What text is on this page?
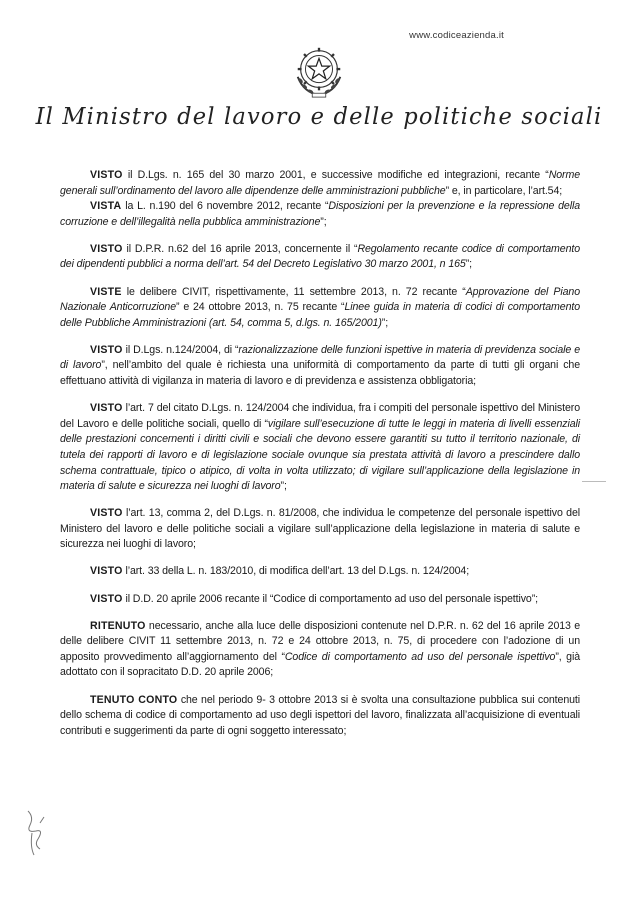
www.codiceazienda.it
Il Ministro del lavoro e delle politiche sociali

VISTO il D.Lgs. n. 165 del 30 marzo 2001, e successive modifiche ed integrazioni, recante “Norme generali sull’ordinamento del lavoro alle dipendenze delle amministrazioni pubbliche” e, in particolare, l’art.54;

VISTA la L. n.190 del 6 novembre 2012, recante “Disposizioni per la prevenzione e la repressione della corruzione e dell’illegalità nella pubblica amministrazione”;

VISTO il D.P.R. n.62 del 16 aprile 2013, concernente il “Regolamento recante codice di comportamento dei dipendenti pubblici a norma dell’art. 54 del Decreto Legislativo 30 marzo 2001, n 165”;

VISTE le delibere CIVIT, rispettivamente, 11 settembre 2013, n. 72 recante “Approvazione del Piano Nazionale Anticorruzione” e 24 ottobre 2013, n. 75 recante “Linee guida in materia di codici di comportamento delle Pubbliche Amministrazioni (art. 54, comma 5, d.lgs. n. 165/2001)”;

VISTO il D.Lgs. n.124/2004, di “razionalizzazione delle funzioni ispettive in materia di previdenza sociale e di lavoro”, nell’ambito del quale è richiesta una uniformità di comportamento da parte di tutti gli organi che effettuano attività di vigilanza in materia di lavoro e di previdenza e assistenza obbligatoria;

VISTO l’art. 7 del citato D.Lgs. n. 124/2004 che individua, fra i compiti del personale ispettivo del Ministero del Lavoro e delle politiche sociali, quello di “vigilare sull’esecuzione di tutte le leggi in materia di livelli essenziali delle prestazioni concernenti i diritti civili e sociali che devono essere garantiti su tutto il territorio nazionale, di tutela dei rapporti di lavoro e di legislazione sociale ovunque sia prestata attività di lavoro a prescindere dallo schema contrattuale, tipico o atipico, di volta in volta utilizzato; di vigilare sull’applicazione della legislazione in materia di salute e sicurezza nei luoghi di lavoro”;

VISTO l’art. 13, comma 2, del D.Lgs. n. 81/2008, che individua le competenze del personale ispettivo del Ministero del lavoro e delle politiche sociali a vigilare sull’applicazione della legislazione in materia di salute e sicurezza nei luoghi di lavoro;

VISTO l’art. 33 della L. n. 183/2010, di modifica dell’art. 13 del D.Lgs. n. 124/2004;

VISTO il D.D. 20 aprile 2006 recante il “Codice di comportamento ad uso del personale ispettivo”;

RITENUTO necessario, anche alla luce delle disposizioni contenute nel D.P.R. n. 62 del 16 aprile 2013 e delle delibere CIVIT 11 settembre 2013, n. 72 e 24 ottobre 2013, n. 75, di procedere con l’adozione di un apposito provvedimento all’aggiornamento del “Codice di comportamento ad uso del personale ispettivo”, già adottato con il sopracitato D.D. 20 aprile 2006;

TENUTO CONTO che nel periodo 9- 3 ottobre 2013 si è svolta una consultazione pubblica sui contenuti dello schema di codice di comportamento ad uso degli ispettori del lavoro, finalizzata all’acquisizione di eventuali contributi e suggerimenti da parte di ogni soggetto interessato;
